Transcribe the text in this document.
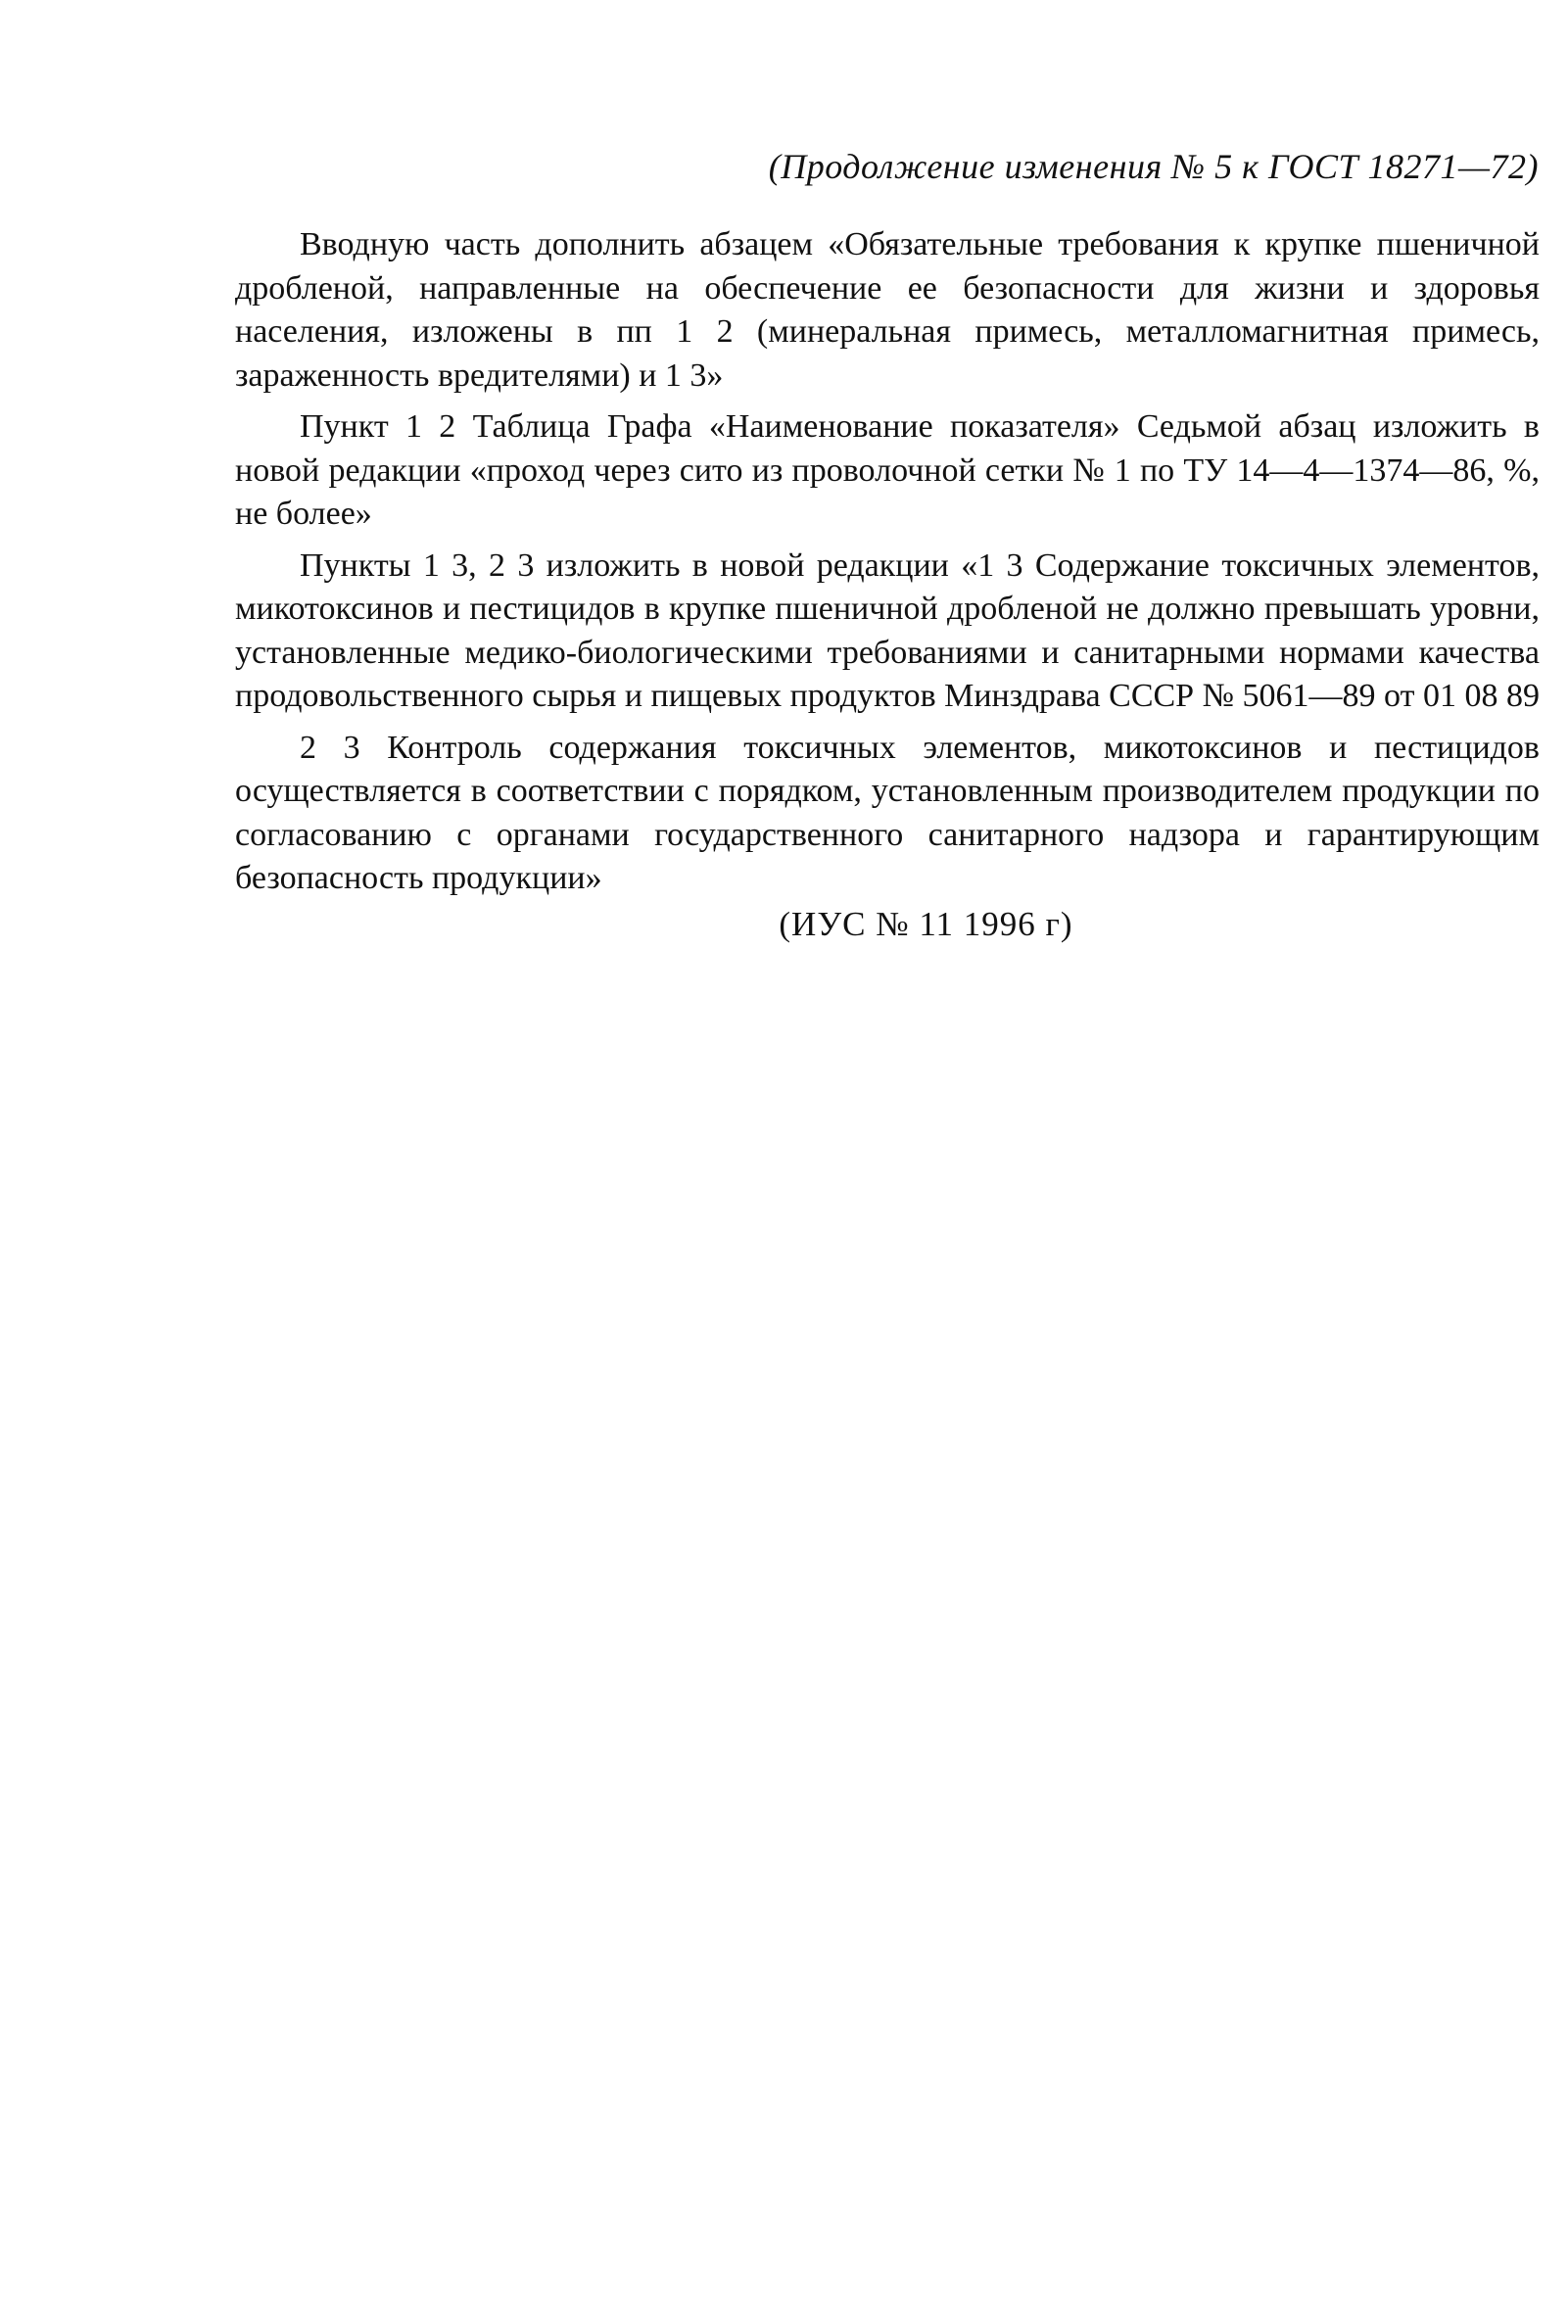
(Продолжение изменения № 5 к ГОСТ 18271—72)

Вводную часть дополнить абзацем «Обязательные требования к крупке пшеничной дробленой, направленные на обеспечение ее безопасности для жизни и здоровья населения, изложены в пп 1 2 (минеральная примесь, металломагнитная примесь, зараженность вредителями) и 1 3»

Пункт 1 2 Таблица Графа «Наименование показателя» Седьмой абзац изложить в новой редакции «проход через сито из проволочной сетки № 1 по ТУ 14—4—1374—86, %, не более»

Пункты 1 3, 2 3 изложить в новой редакции «1 3 Содержание токсичных элементов, микотоксинов и пестицидов в крупке пшеничной дробленой не должно превышать уровни, установленные медико-биологическими требованиями и санитарными нормами качества продовольственного сырья и пищевых продуктов Минздрава СССР № 5061—89 от 01 08 89

2 3 Контроль содержания токсичных элементов, микотоксинов и пестицидов осуществляется в соответствии с порядком, установленным производителем продукции по согласованию с органами государственного санитарного надзора и гарантирующим безопасность продукции»

(ИУС № 11 1996 г)
